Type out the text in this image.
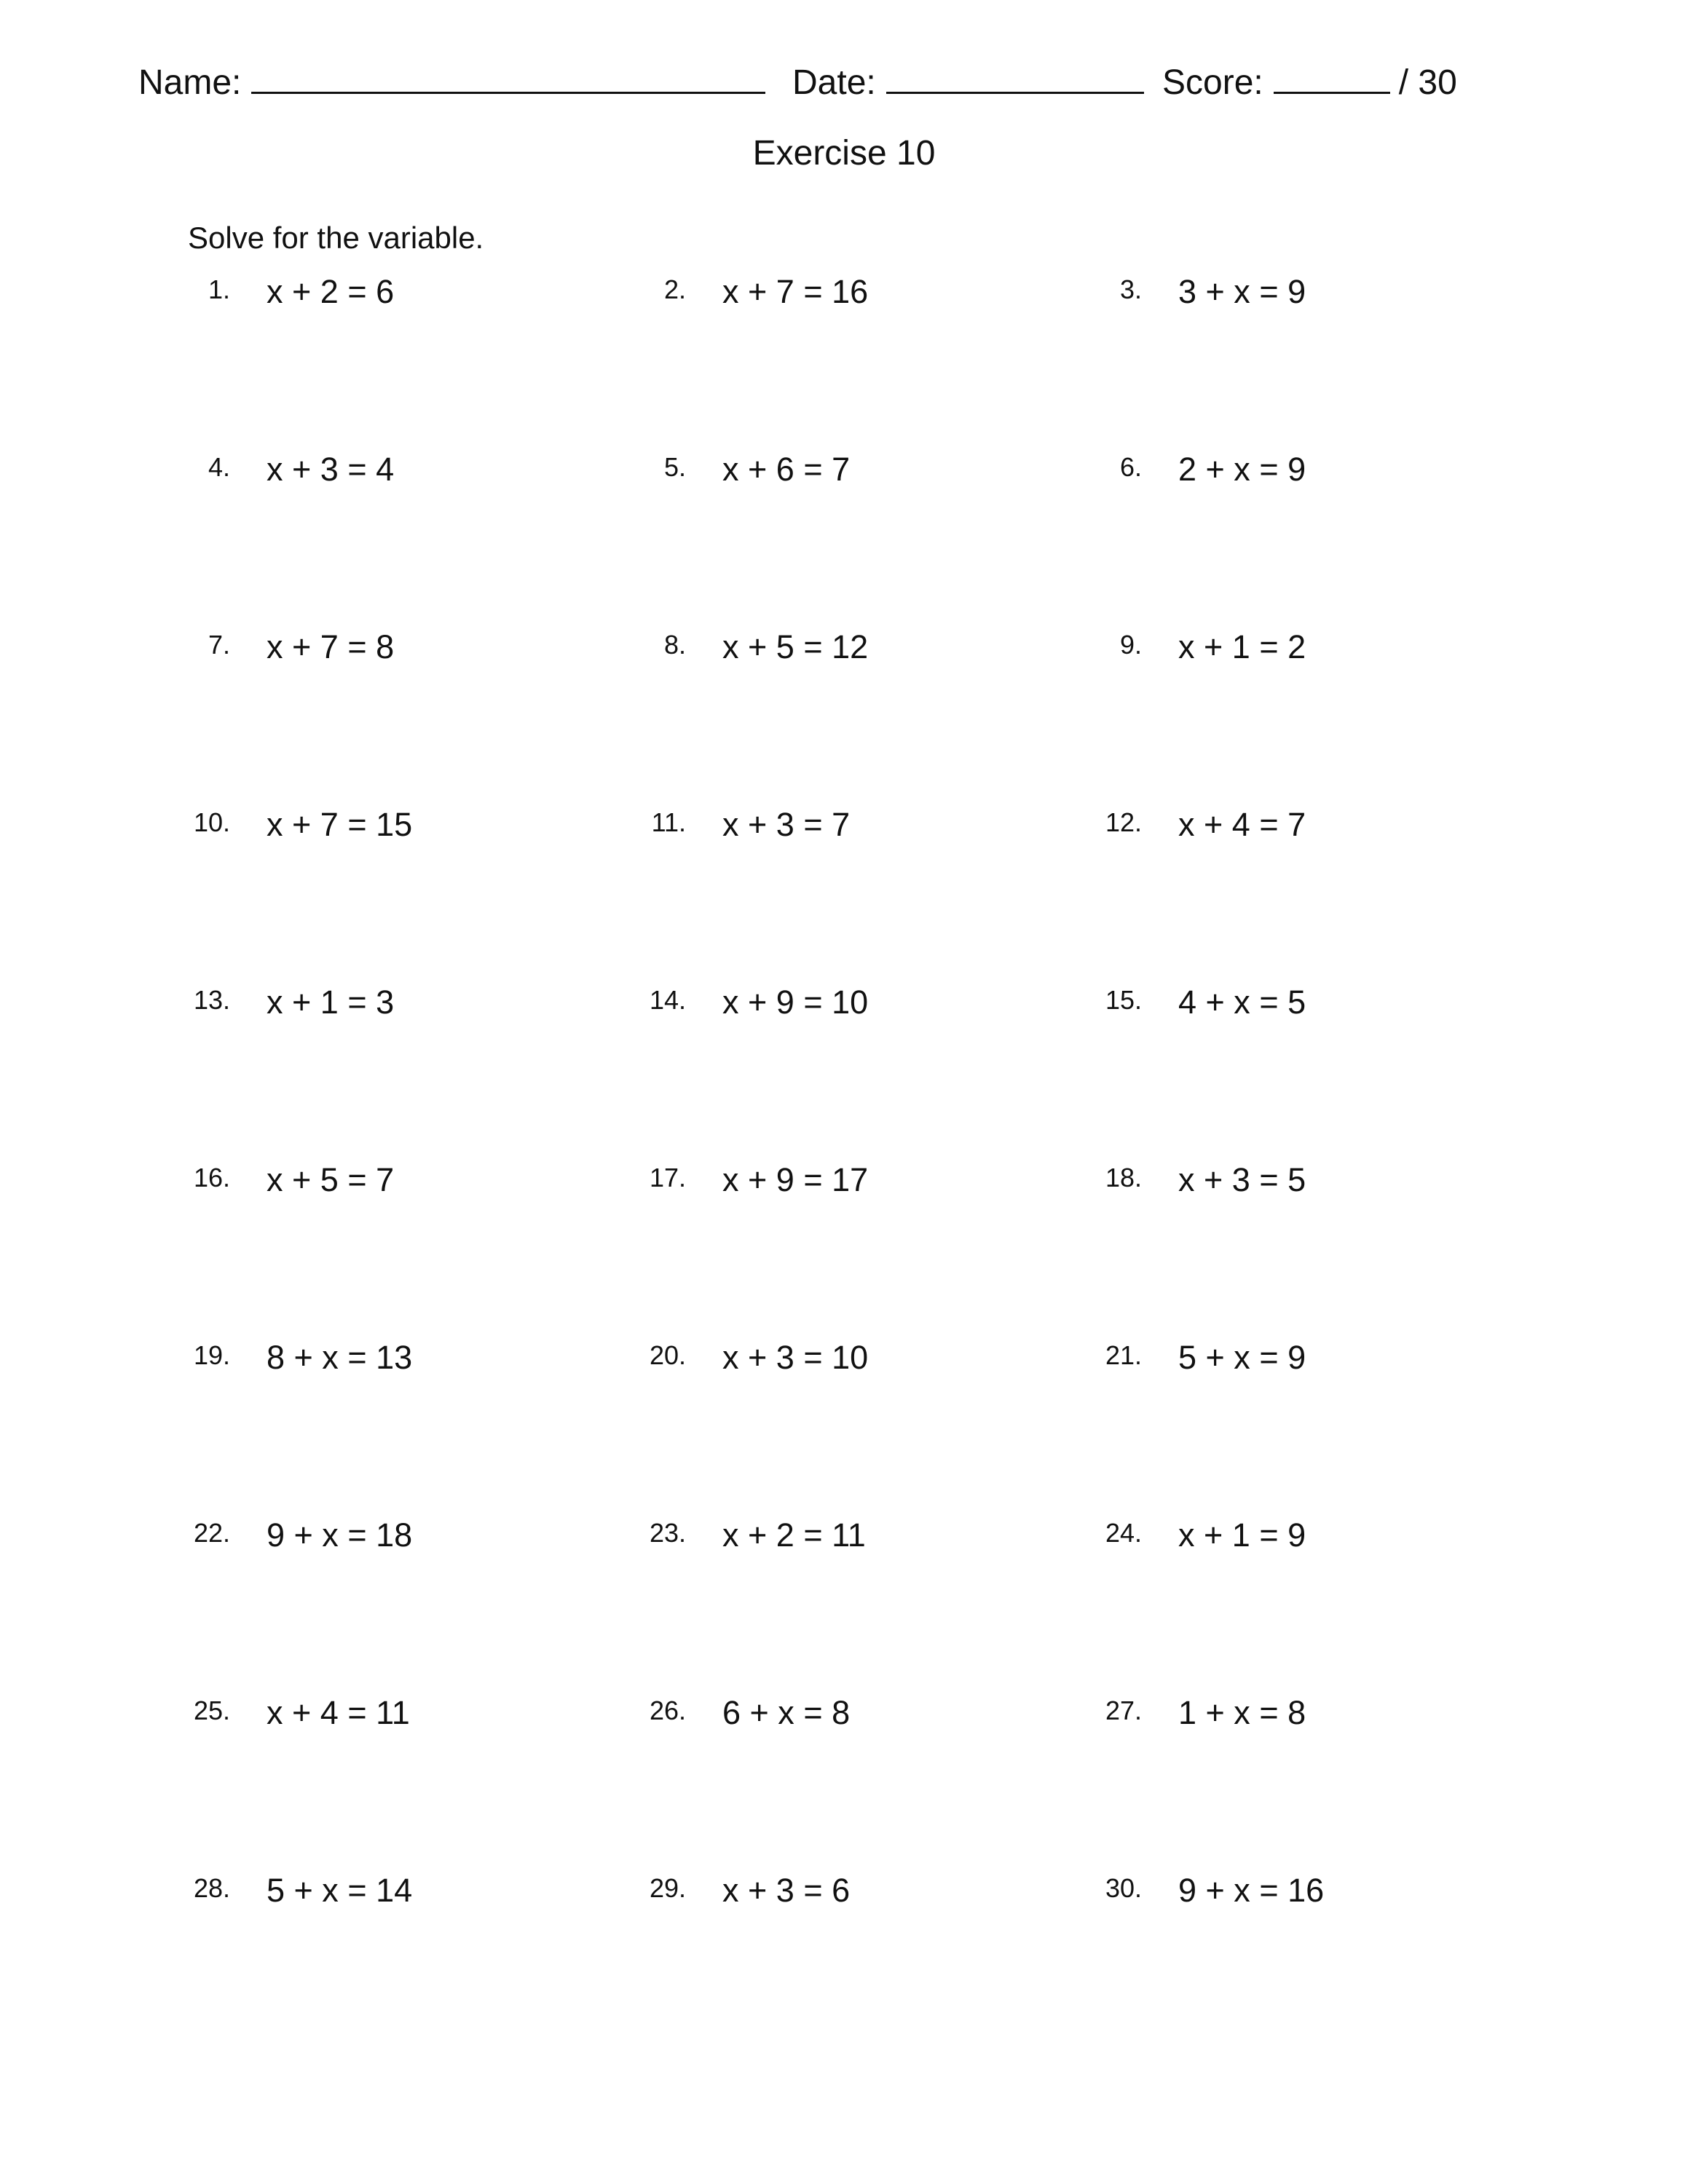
Name:	Date:	Score:	/ 30
Exercise 10
Solve for the variable.
1. x + 2 = 6	2. x + 7 = 16	3. 3 + x = 9
4. x + 3 = 4	5. x + 6 = 7	6. 2 + x = 9
7. x + 7 = 8	8. x + 5 = 12	9. x + 1 = 2
10. x + 7 = 15	11. x + 3 = 7	12. x + 4 = 7
13. x + 1 = 3	14. x + 9 = 10	15. 4 + x = 5
16. x + 5 = 7	17. x + 9 = 17	18. x + 3 = 5
19. 8 + x = 13	20. x + 3 = 10	21. 5 + x = 9
22. 9 + x = 18	23. x + 2 = 11	24. x + 1 = 9
25. x + 4 = 11	26. 6 + x = 8	27. 1 + x = 8
28. 5 + x = 14	29. x + 3 = 6	30. 9 + x = 16
